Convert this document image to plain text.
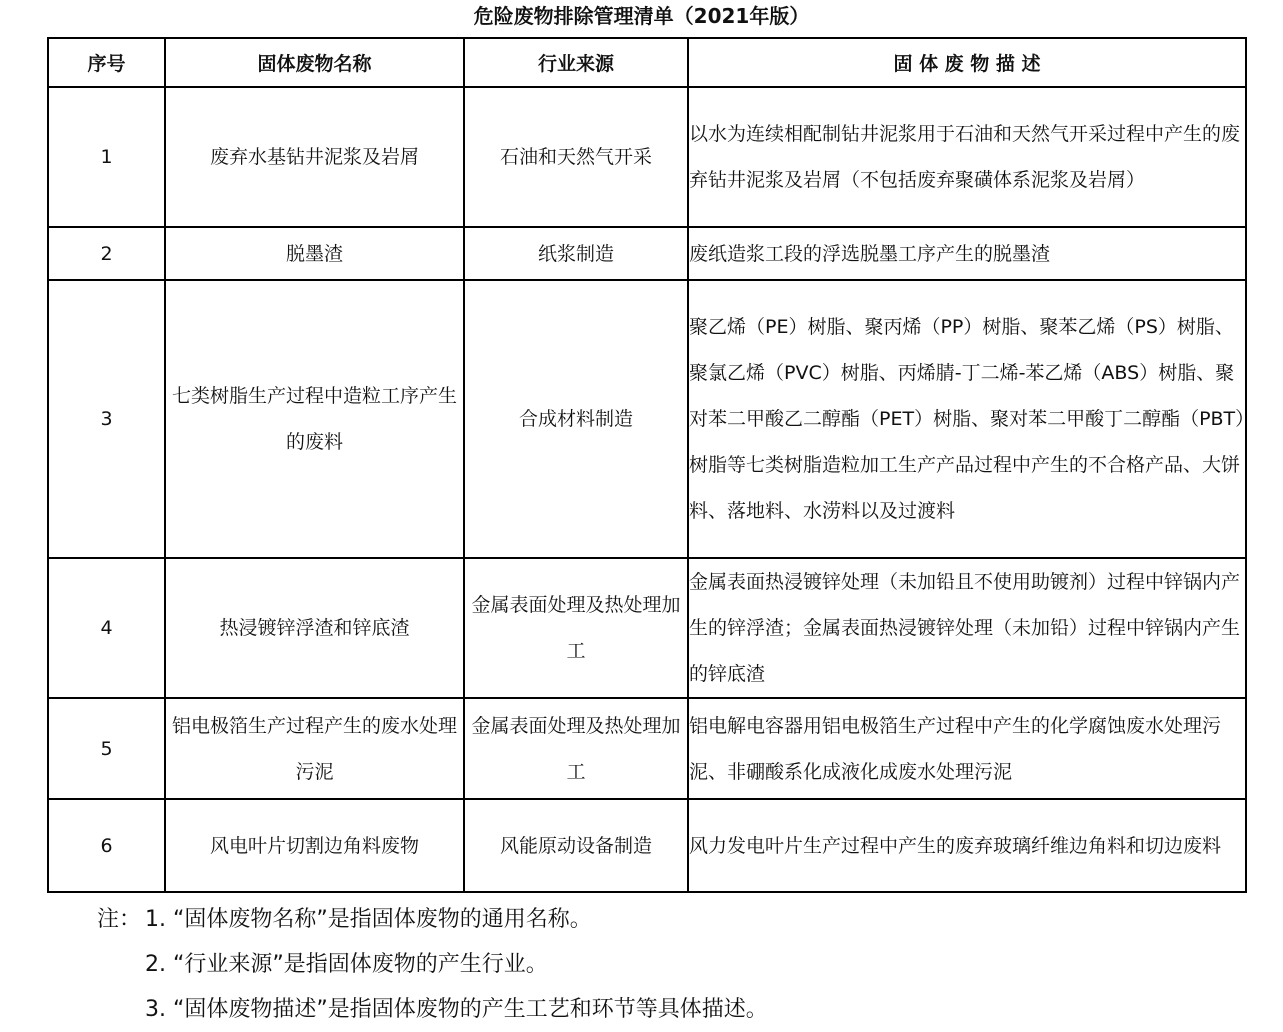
危险废物排除管理清单（2021年版）
序号	固体废物名称	行业来源	固 体 废 物 描 述
1	废弃水基钻井泥浆及岩屑	石油和天然气开采	以水为连续相配制钻井泥浆用于石油和天然气开采过程中产生的废弃钻井泥浆及岩屑（不包括废弃聚磺体系泥浆及岩屑）
2	脱墨渣	纸浆制造	废纸造浆工段的浮选脱墨工序产生的脱墨渣
3	七类树脂生产过程中造粒工序产生的废料	合成材料制造	聚乙烯（PE）树脂、聚丙烯（PP）树脂、聚苯乙烯（PS）树脂、聚氯乙烯（PVC）树脂、丙烯腈-丁二烯-苯乙烯（ABS）树脂、聚对苯二甲酸乙二醇酯（PET）树脂、聚对苯二甲酸丁二醇酯（PBT）树脂等七类树脂造粒加工生产产品过程中产生的不合格产品、大饼料、落地料、水涝料以及过渡料
4	热浸镀锌浮渣和锌底渣	金属表面处理及热处理加工	金属表面热浸镀锌处理（未加铅且不使用助镀剂）过程中锌锅内产生的锌浮渣；金属表面热浸镀锌处理（未加铅）过程中锌锅内产生的锌底渣
5	铝电极箔生产过程产生的废水处理污泥	金属表面处理及热处理加工	铝电解电容器用铝电极箔生产过程中产生的化学腐蚀废水处理污泥、非硼酸系化成液化成废水处理污泥
6	风电叶片切割边角料废物	风能原动设备制造	风力发电叶片生产过程中产生的废弃玻璃纤维边角料和切边废料
注： 1. “固体废物名称”是指固体废物的通用名称。
2. “行业来源”是指固体废物的产生行业。
3. “固体废物描述”是指固体废物的产生工艺和环节等具体描述。
